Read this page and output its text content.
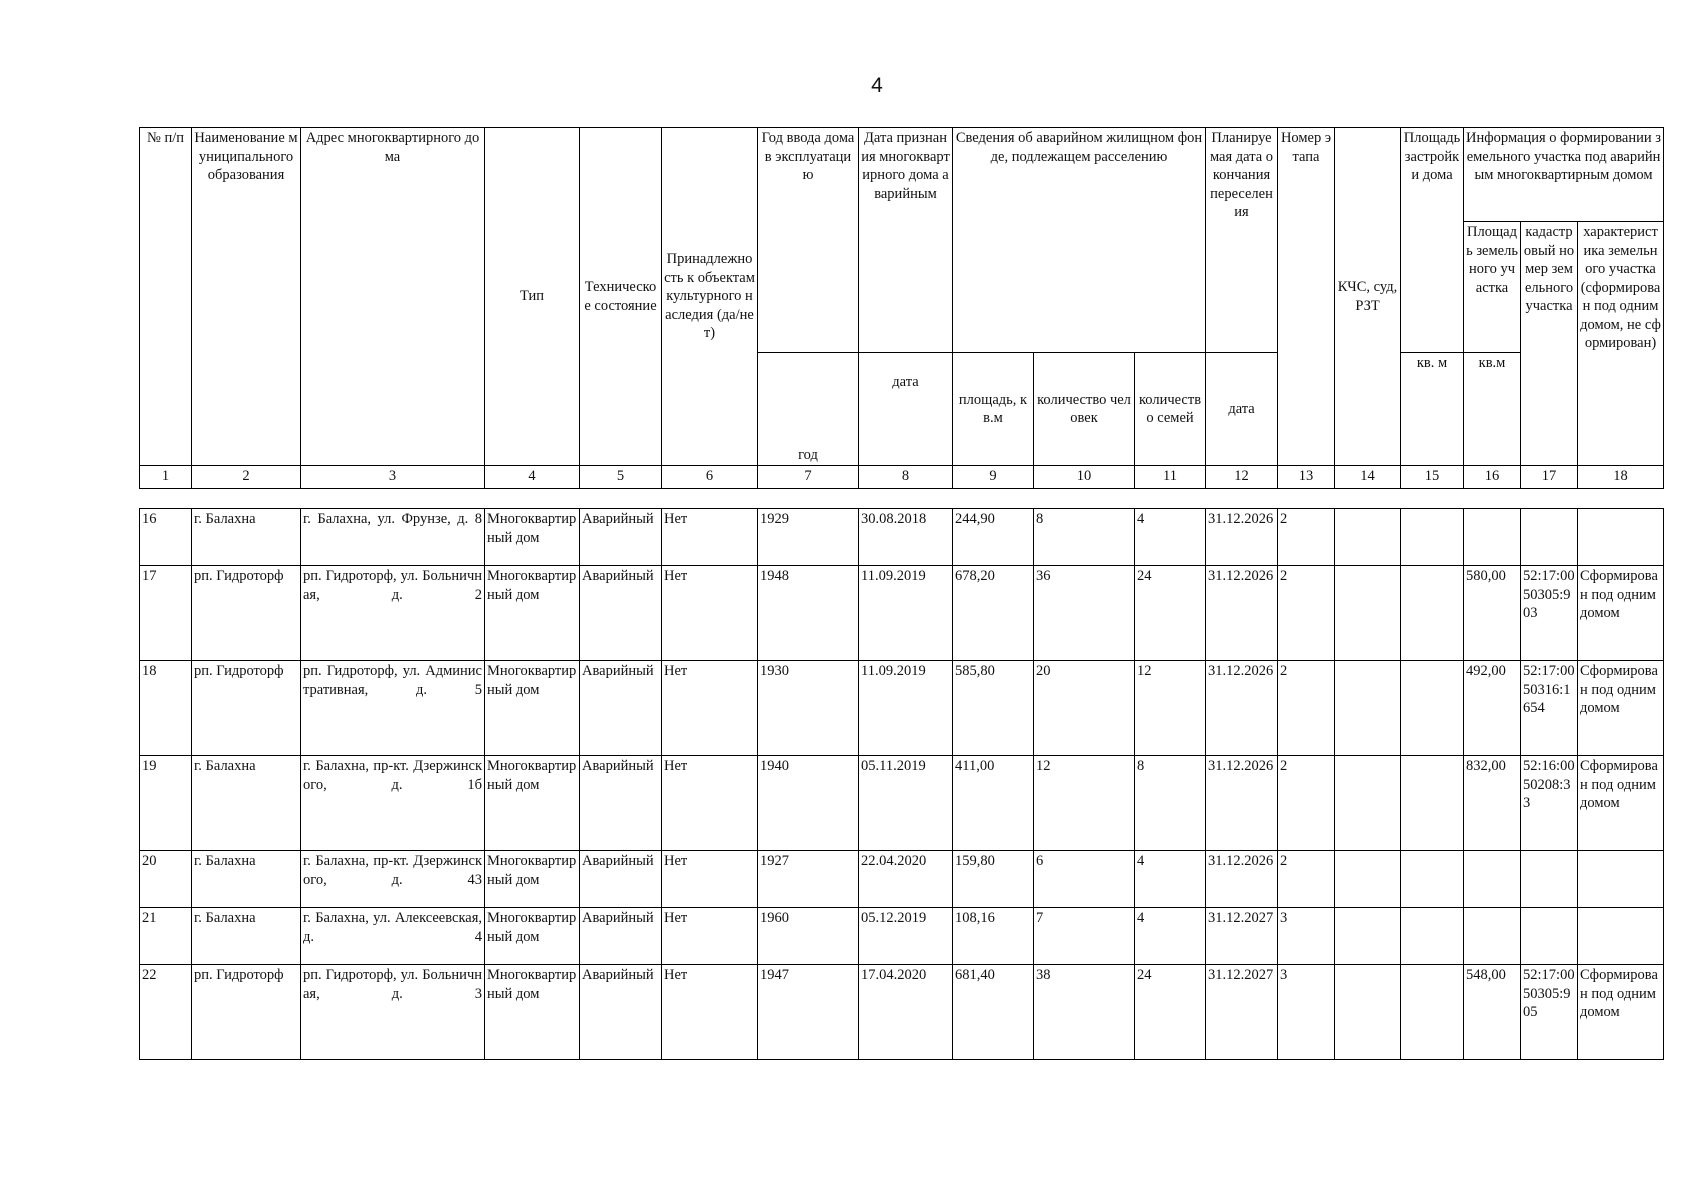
4
№ п/п	Наименование муниципального образования	Адрес многоквартирного дома	Тип	Техническое состояние	Принадлежность к объектам культурного наследия (да/нет)	Год ввода дома в эксплуатацию	Дата признания многоквартирного дома аварийным	Сведения об аварийном жилищном фонде, подлежащем расселению			Планируемая дата окончания переселения	Номер этапа	КЧС, суд, РЗТ	Площадь застройки дома	Информация о формировании земельного участка под аварийным многоквартирным домом		
															Площадь земельного участка	кадастровый номер земельного участка	характеристика земельного участка (сформирован под одним домом, не сформирован)
						год	дата	площадь, кв.м	количество человек	количество семей	дата			кв. м	кв.м		
1	2	3	4	5	6	7	8	9	10	11	12	13	14	15	16	17	18

16	г. Балахна	г. Балахна, ул. Фрунзе, д. 8	Многоквартирный дом	Аварийный	Нет	1929	30.08.2018	244,90	8	4	31.12.2026	2					
17	рп. Гидроторф	рп. Гидроторф, ул. Больничная, д. 2	Многоквартирный дом	Аварийный	Нет	1948	11.09.2019	678,20	36	24	31.12.2026	2			580,00	52:17:0050305:903	Сформирован под одним домом
18	рп. Гидроторф	рп. Гидроторф, ул. Административная, д. 5	Многоквартирный дом	Аварийный	Нет	1930	11.09.2019	585,80	20	12	31.12.2026	2			492,00	52:17:0050316:1654	Сформирован под одним домом
19	г. Балахна	г. Балахна, пр-кт. Дзержинского, д. 1б	Многоквартирный дом	Аварийный	Нет	1940	05.11.2019	411,00	12	8	31.12.2026	2			832,00	52:16:0050208:33	Сформирован под одним домом
20	г. Балахна	г. Балахна, пр-кт. Дзержинского, д. 43	Многоквартирный дом	Аварийный	Нет	1927	22.04.2020	159,80	6	4	31.12.2026	2					
21	г. Балахна	г. Балахна, ул. Алексеевская, д. 4	Многоквартирный дом	Аварийный	Нет	1960	05.12.2019	108,16	7	4	31.12.2027	3					
22	рп. Гидроторф	рп. Гидроторф, ул. Больничная, д. 3	Многоквартирный дом	Аварийный	Нет	1947	17.04.2020	681,40	38	24	31.12.2027	3			548,00	52:17:0050305:905	Сформирован под одним домом
